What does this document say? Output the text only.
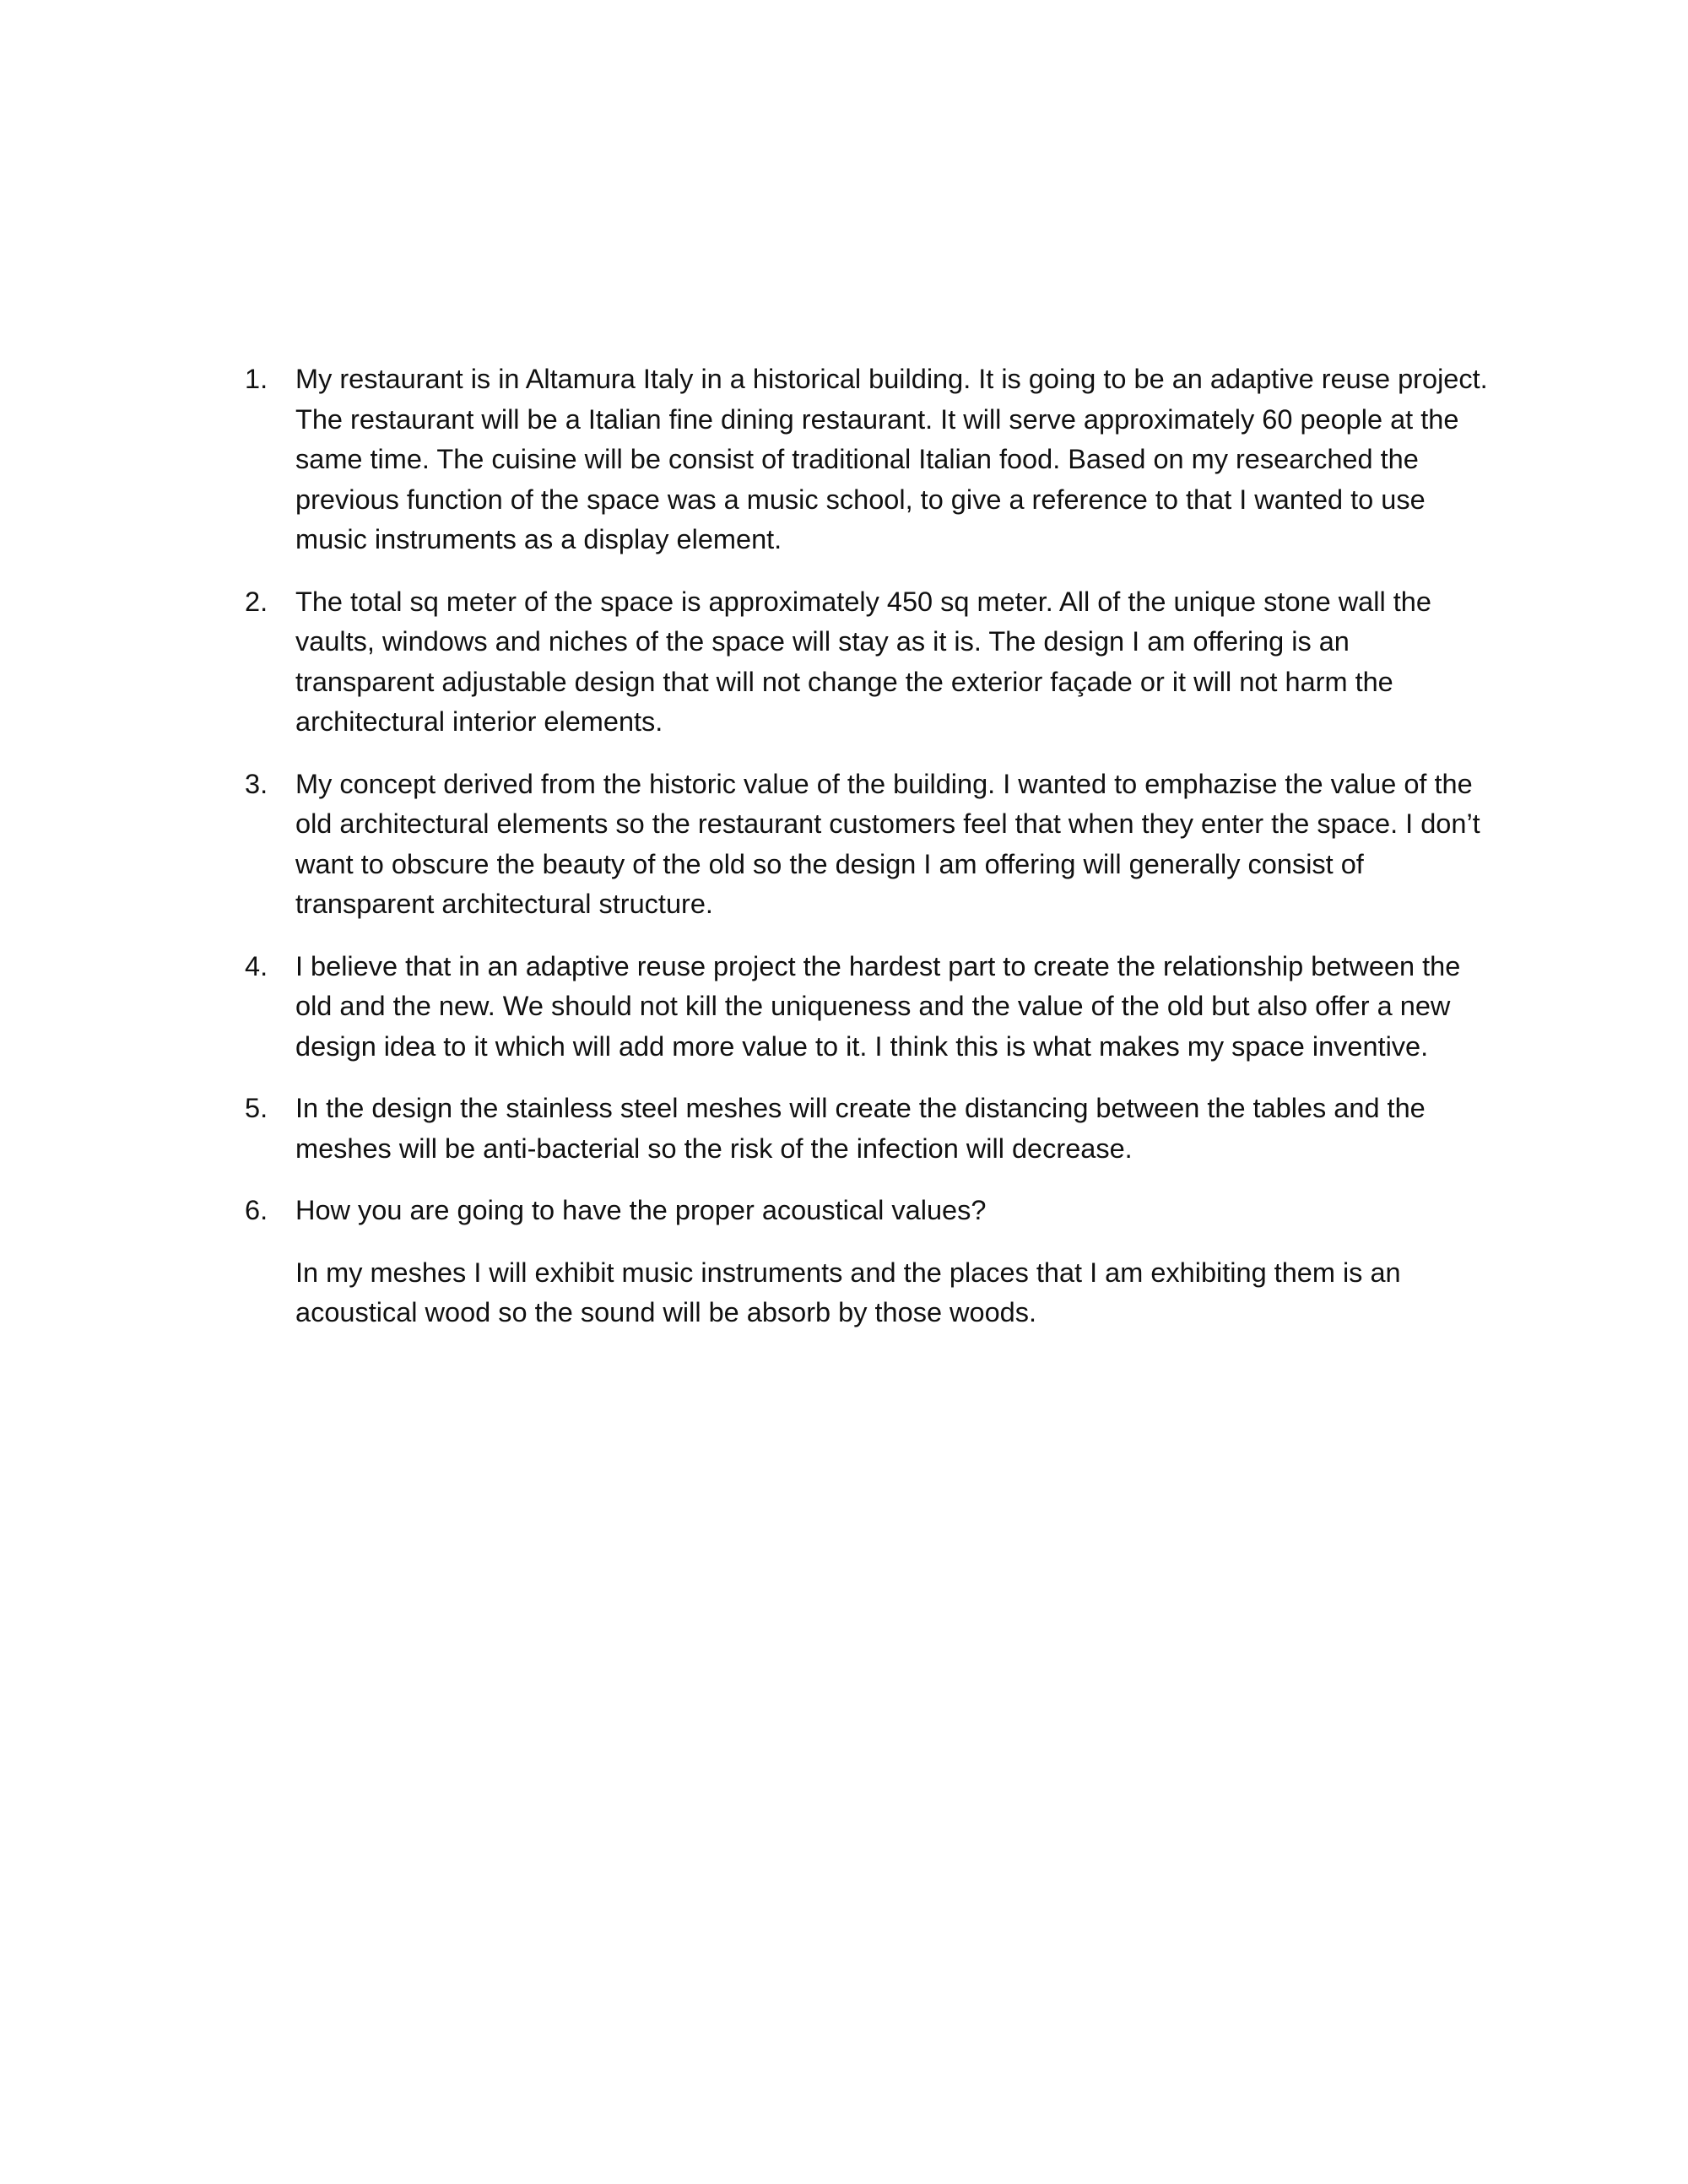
1.	My restaurant is in Altamura Italy in a historical building. It is going to be an adaptive reuse project. The restaurant will be a Italian fine dining restaurant. It will serve approximately 60 people at the same time. The cuisine will be consist of traditional Italian food. Based on my researched the previous function of the space was a music school, to give a reference to that I wanted to use music instruments as a display element.
2.	The total sq meter of the space is approximately 450 sq meter. All of the unique stone wall the vaults, windows and niches of the space will stay as it is. The design I am offering is an transparent adjustable design that will not change the exterior façade or it will not harm the architectural interior elements.
3.	My concept derived from the historic value of the building. I wanted to emphazise the value of the old architectural elements so the restaurant customers feel that when they enter the space. I don’t want to obscure the beauty of the old so the design I am offering will generally consist of transparent architectural structure.
4.	I believe that in an adaptive reuse project the hardest part to create the relationship between the old and the new. We should not kill the uniqueness and the value of the old but also offer a new design idea to it which will add more value to it. I think this is what makes my space inventive.
5.	In the design the stainless steel meshes will create the distancing between the tables and the meshes will be anti-bacterial so the risk of the infection will decrease.
6.	How you are going to have the proper acoustical values?
In my meshes I will exhibit music instruments and the places that I am exhibiting them is an acoustical wood so the sound will be absorb by those woods.
